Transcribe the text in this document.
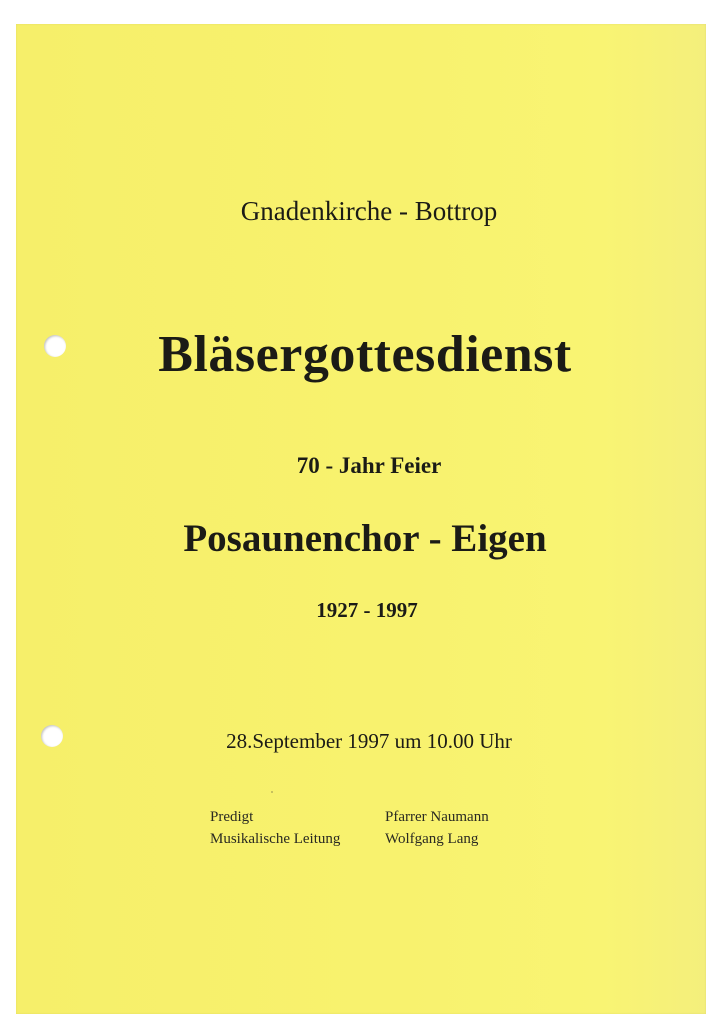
Gnadenkirche - Bottrop
Bläsergottesdienst
70 - Jahr Feier
Posaunenchor - Eigen
1927 - 1997
28.September 1997 um 10.00 Uhr
Predigt	Pfarrer Naumann
Musikalische Leitung	Wolfgang Lang
